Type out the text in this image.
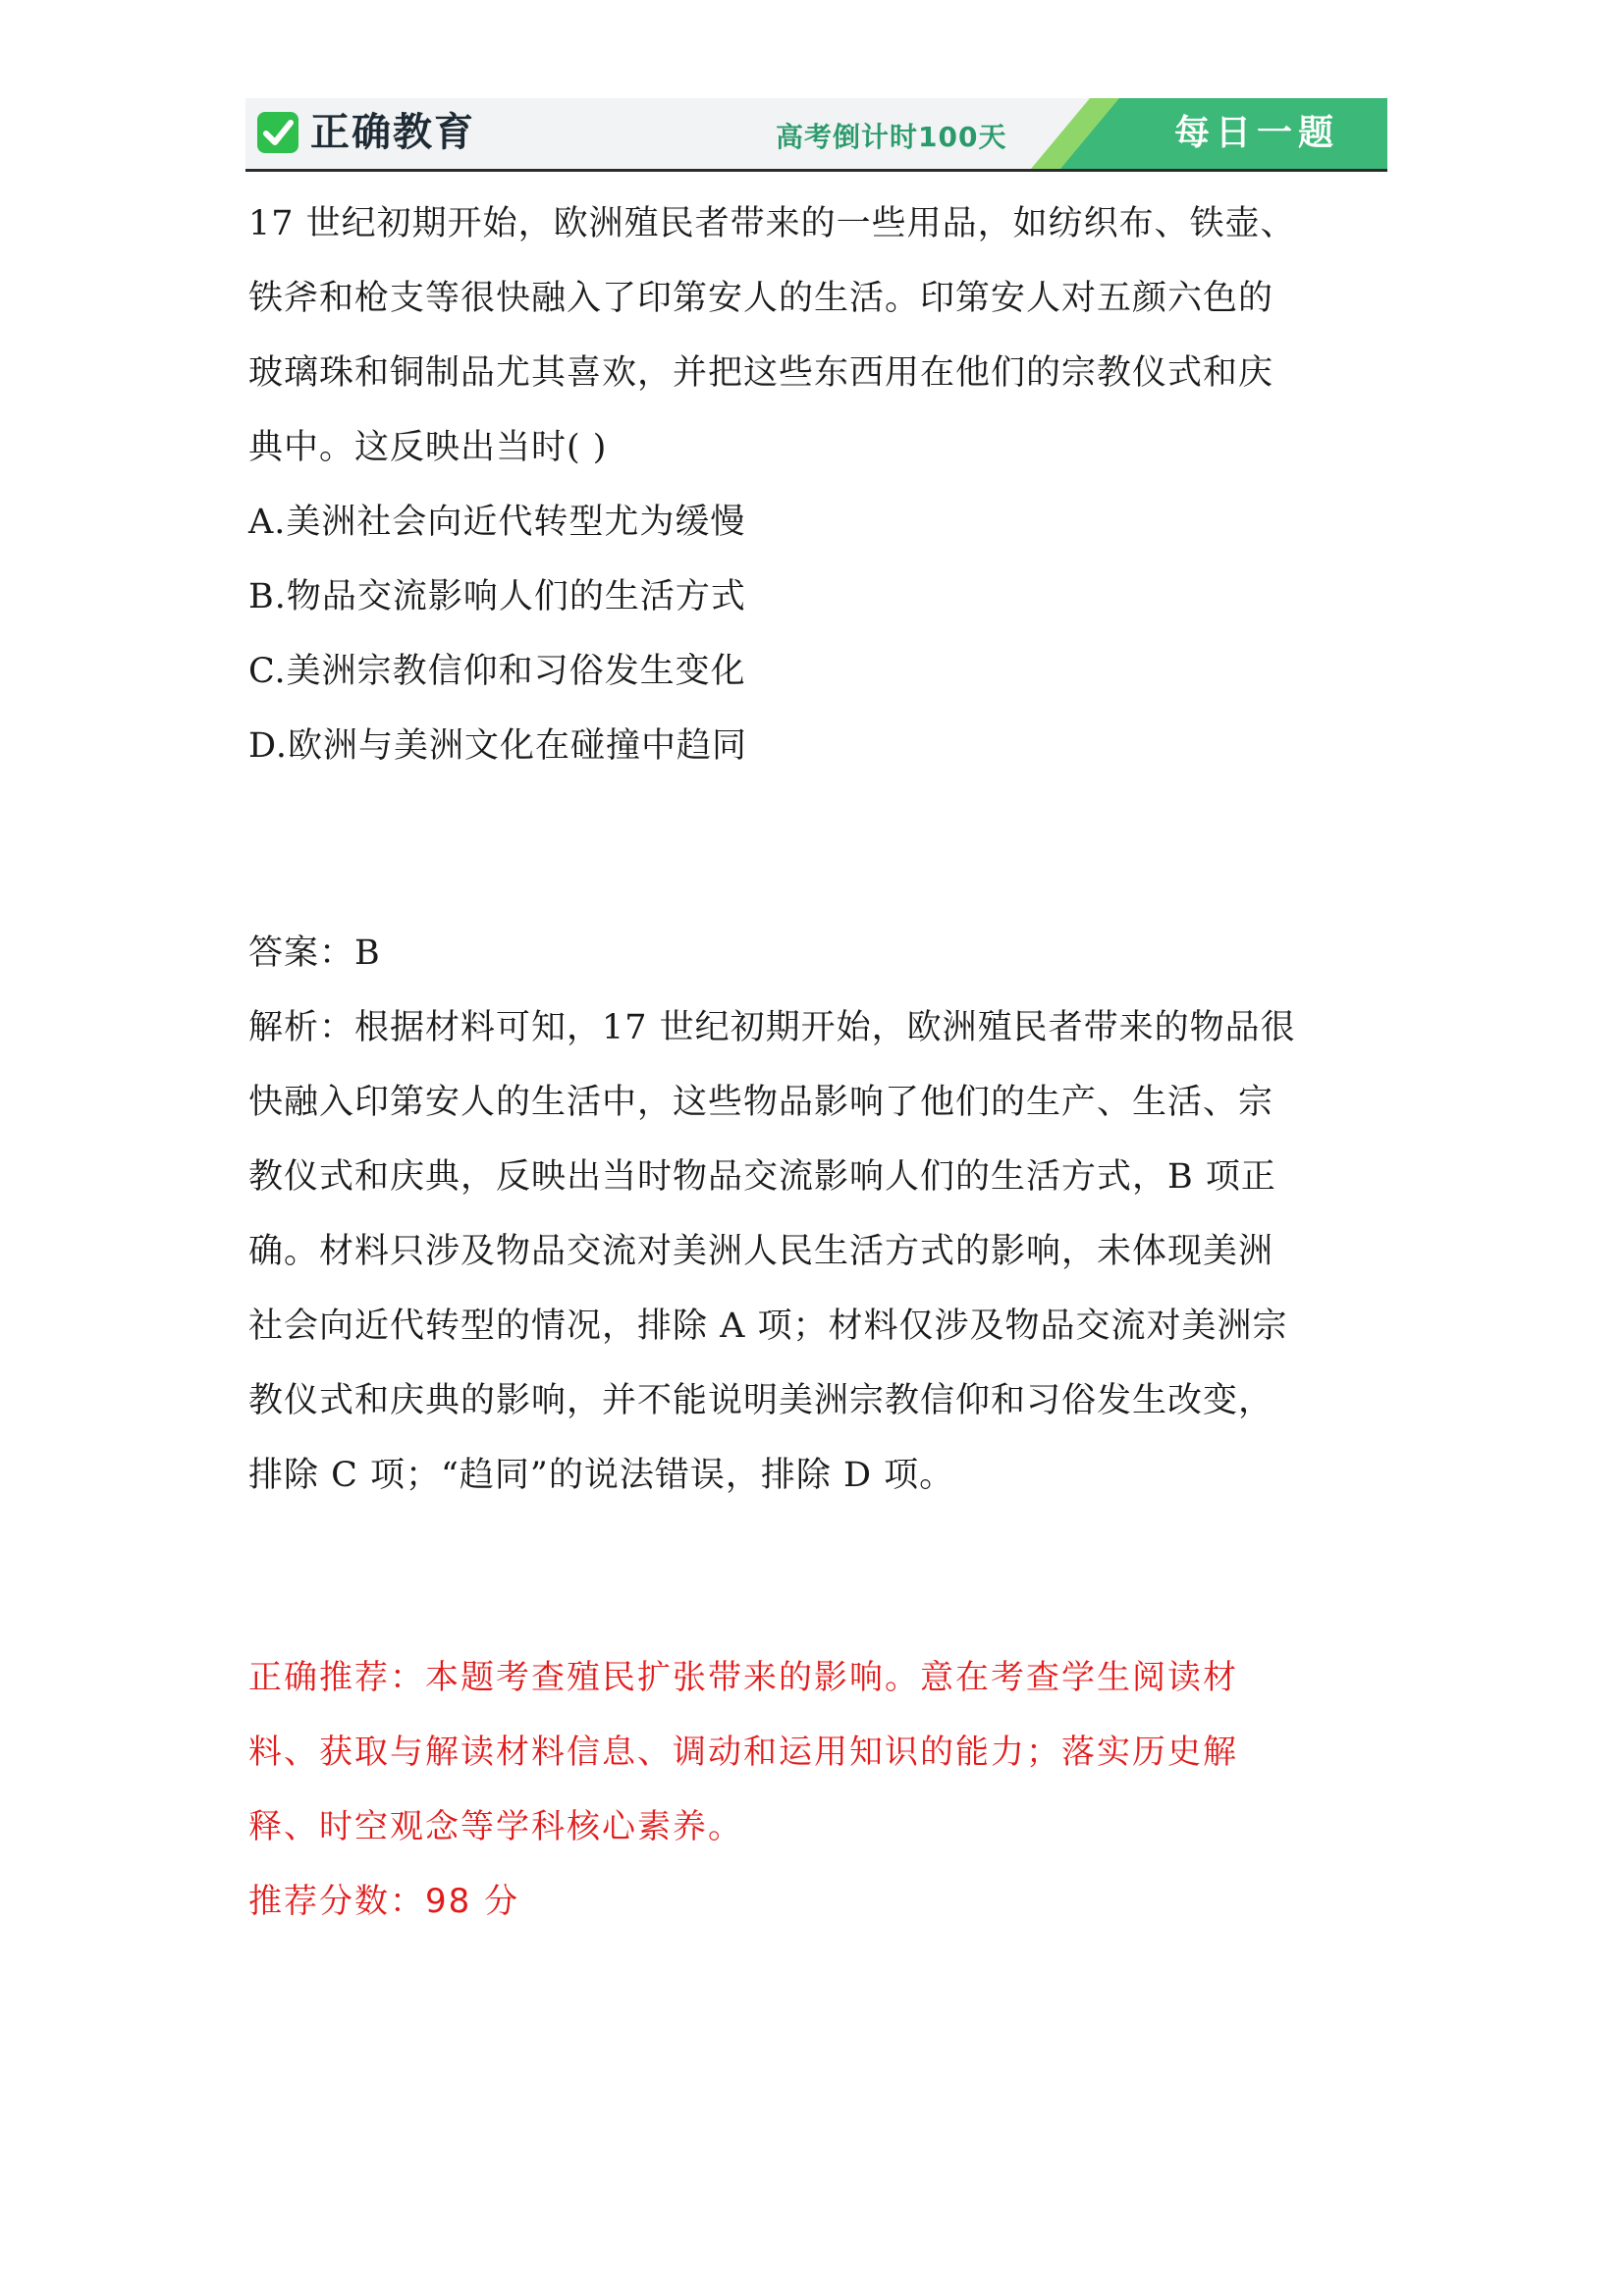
正确教育	高考倒计时100天	每日一题
17 世纪初期开始，欧洲殖民者带来的一些用品，如纺织布、铁壶、
铁斧和枪支等很快融入了印第安人的生活。印第安人对五颜六色的
玻璃珠和铜制品尤其喜欢，并把这些东西用在他们的宗教仪式和庆
典中。这反映出当时( )
A.美洲社会向近代转型尤为缓慢
B.物品交流影响人们的生活方式
C.美洲宗教信仰和习俗发生变化
D.欧洲与美洲文化在碰撞中趋同
答案：B
解析：根据材料可知，17 世纪初期开始，欧洲殖民者带来的物品很
快融入印第安人的生活中，这些物品影响了他们的生产、生活、宗
教仪式和庆典，反映出当时物品交流影响人们的生活方式，B 项正
确。材料只涉及物品交流对美洲人民生活方式的影响，未体现美洲
社会向近代转型的情况，排除 A 项；材料仅涉及物品交流对美洲宗
教仪式和庆典的影响，并不能说明美洲宗教信仰和习俗发生改变，
排除 C 项；“趋同”的说法错误，排除 D 项。
正确推荐：本题考查殖民扩张带来的影响。意在考查学生阅读材
料、获取与解读材料信息、调动和运用知识的能力；落实历史解
释、时空观念等学科核心素养。
推荐分数：98 分
